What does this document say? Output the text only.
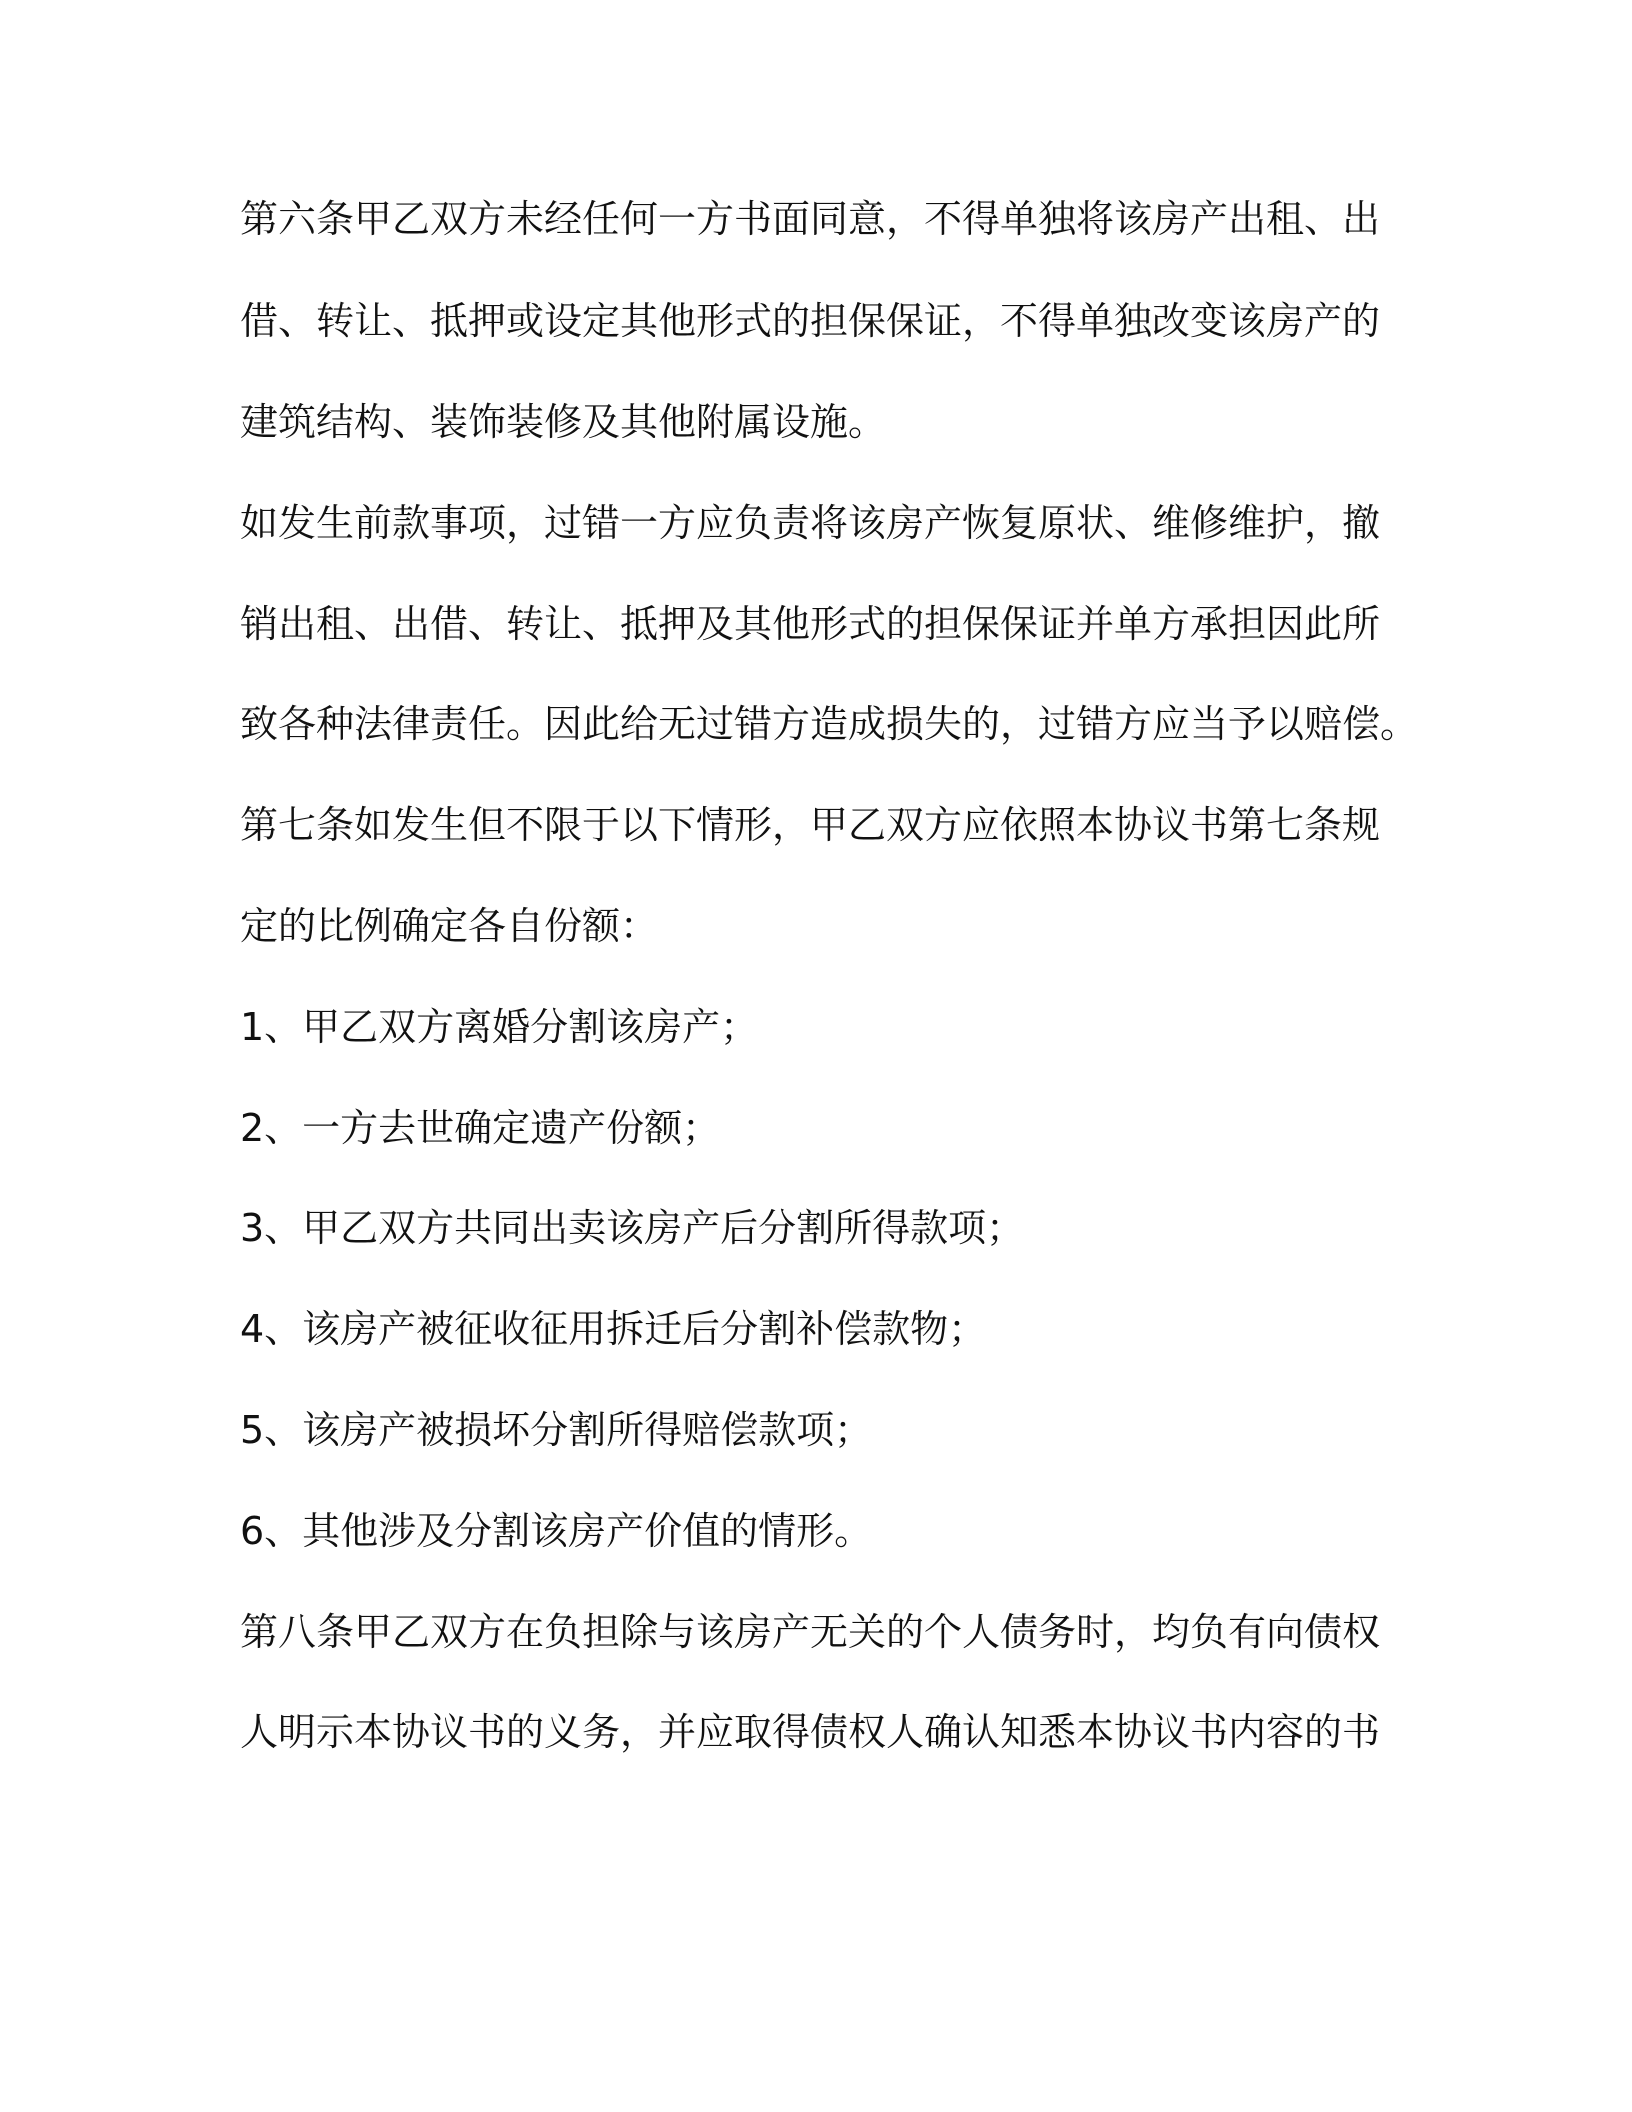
第六条甲乙双方未经任何一方书面同意，不得单独将该房产出租、出

借、转让、抵押或设定其他形式的担保保证，不得单独改变该房产的

建筑结构、装饰装修及其他附属设施。

如发生前款事项，过错一方应负责将该房产恢复原状、维修维护，撤

销出租、出借、转让、抵押及其他形式的担保保证并单方承担因此所

致各种法律责任。因此给无过错方造成损失的，过错方应当予以赔偿。

第七条如发生但不限于以下情形，甲乙双方应依照本协议书第七条规

定的比例确定各自份额：

1、甲乙双方离婚分割该房产；

2、一方去世确定遗产份额；

3、甲乙双方共同出卖该房产后分割所得款项；

4、该房产被征收征用拆迁后分割补偿款物；

5、该房产被损坏分割所得赔偿款项；

6、其他涉及分割该房产价值的情形。

第八条甲乙双方在负担除与该房产无关的个人债务时，均负有向债权

人明示本协议书的义务，并应取得债权人确认知悉本协议书内容的书
